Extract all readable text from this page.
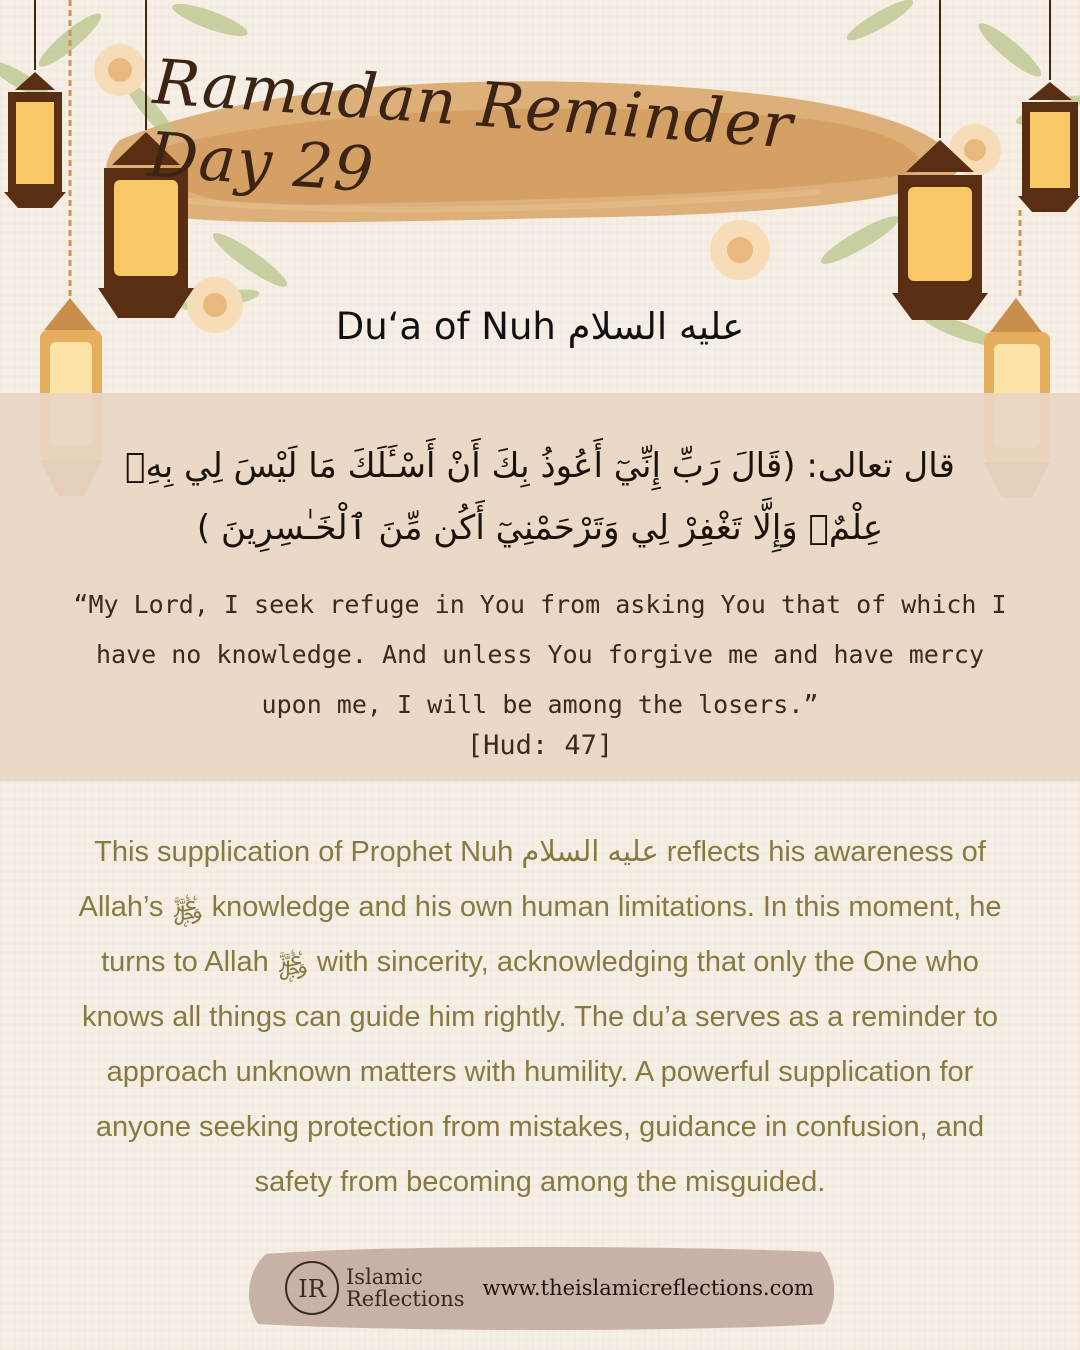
Ramadan Reminder Day 29
Duʻa of Nuh عليه السلام
قال تعالى: (قَالَ رَبِّ إِنِّيٓ أَعُوذُ بِكَ أَنْ أَسْـَٔلَكَ مَا لَيْسَ لِي بِهِۦ عِلْمٌۖ وَإِلَّا تَغْفِرْ لِي وَتَرْحَمْنِيٓ أَكُن مِّنَ ٱلْخَـٰسِرِينَ )
“My Lord, I seek refuge in You from asking You that of which I have no knowledge. And unless You forgive me and have mercy upon me, I will be among the losers.”
[Hud: 47]
This supplication of Prophet Nuh عليه السلام reflects his awareness of Allah’s ﷿ knowledge and his own human limitations. In this moment, he turns to Allah ﷿ with sincerity, acknowledging that only the One who knows all things can guide him rightly. The du’a serves as a reminder to approach unknown matters with humility. A powerful supplication for anyone seeking protection from mistakes, guidance in confusion, and safety from becoming among the misguided.
IR Islamic
Reflections www.theislamicreflections.com
